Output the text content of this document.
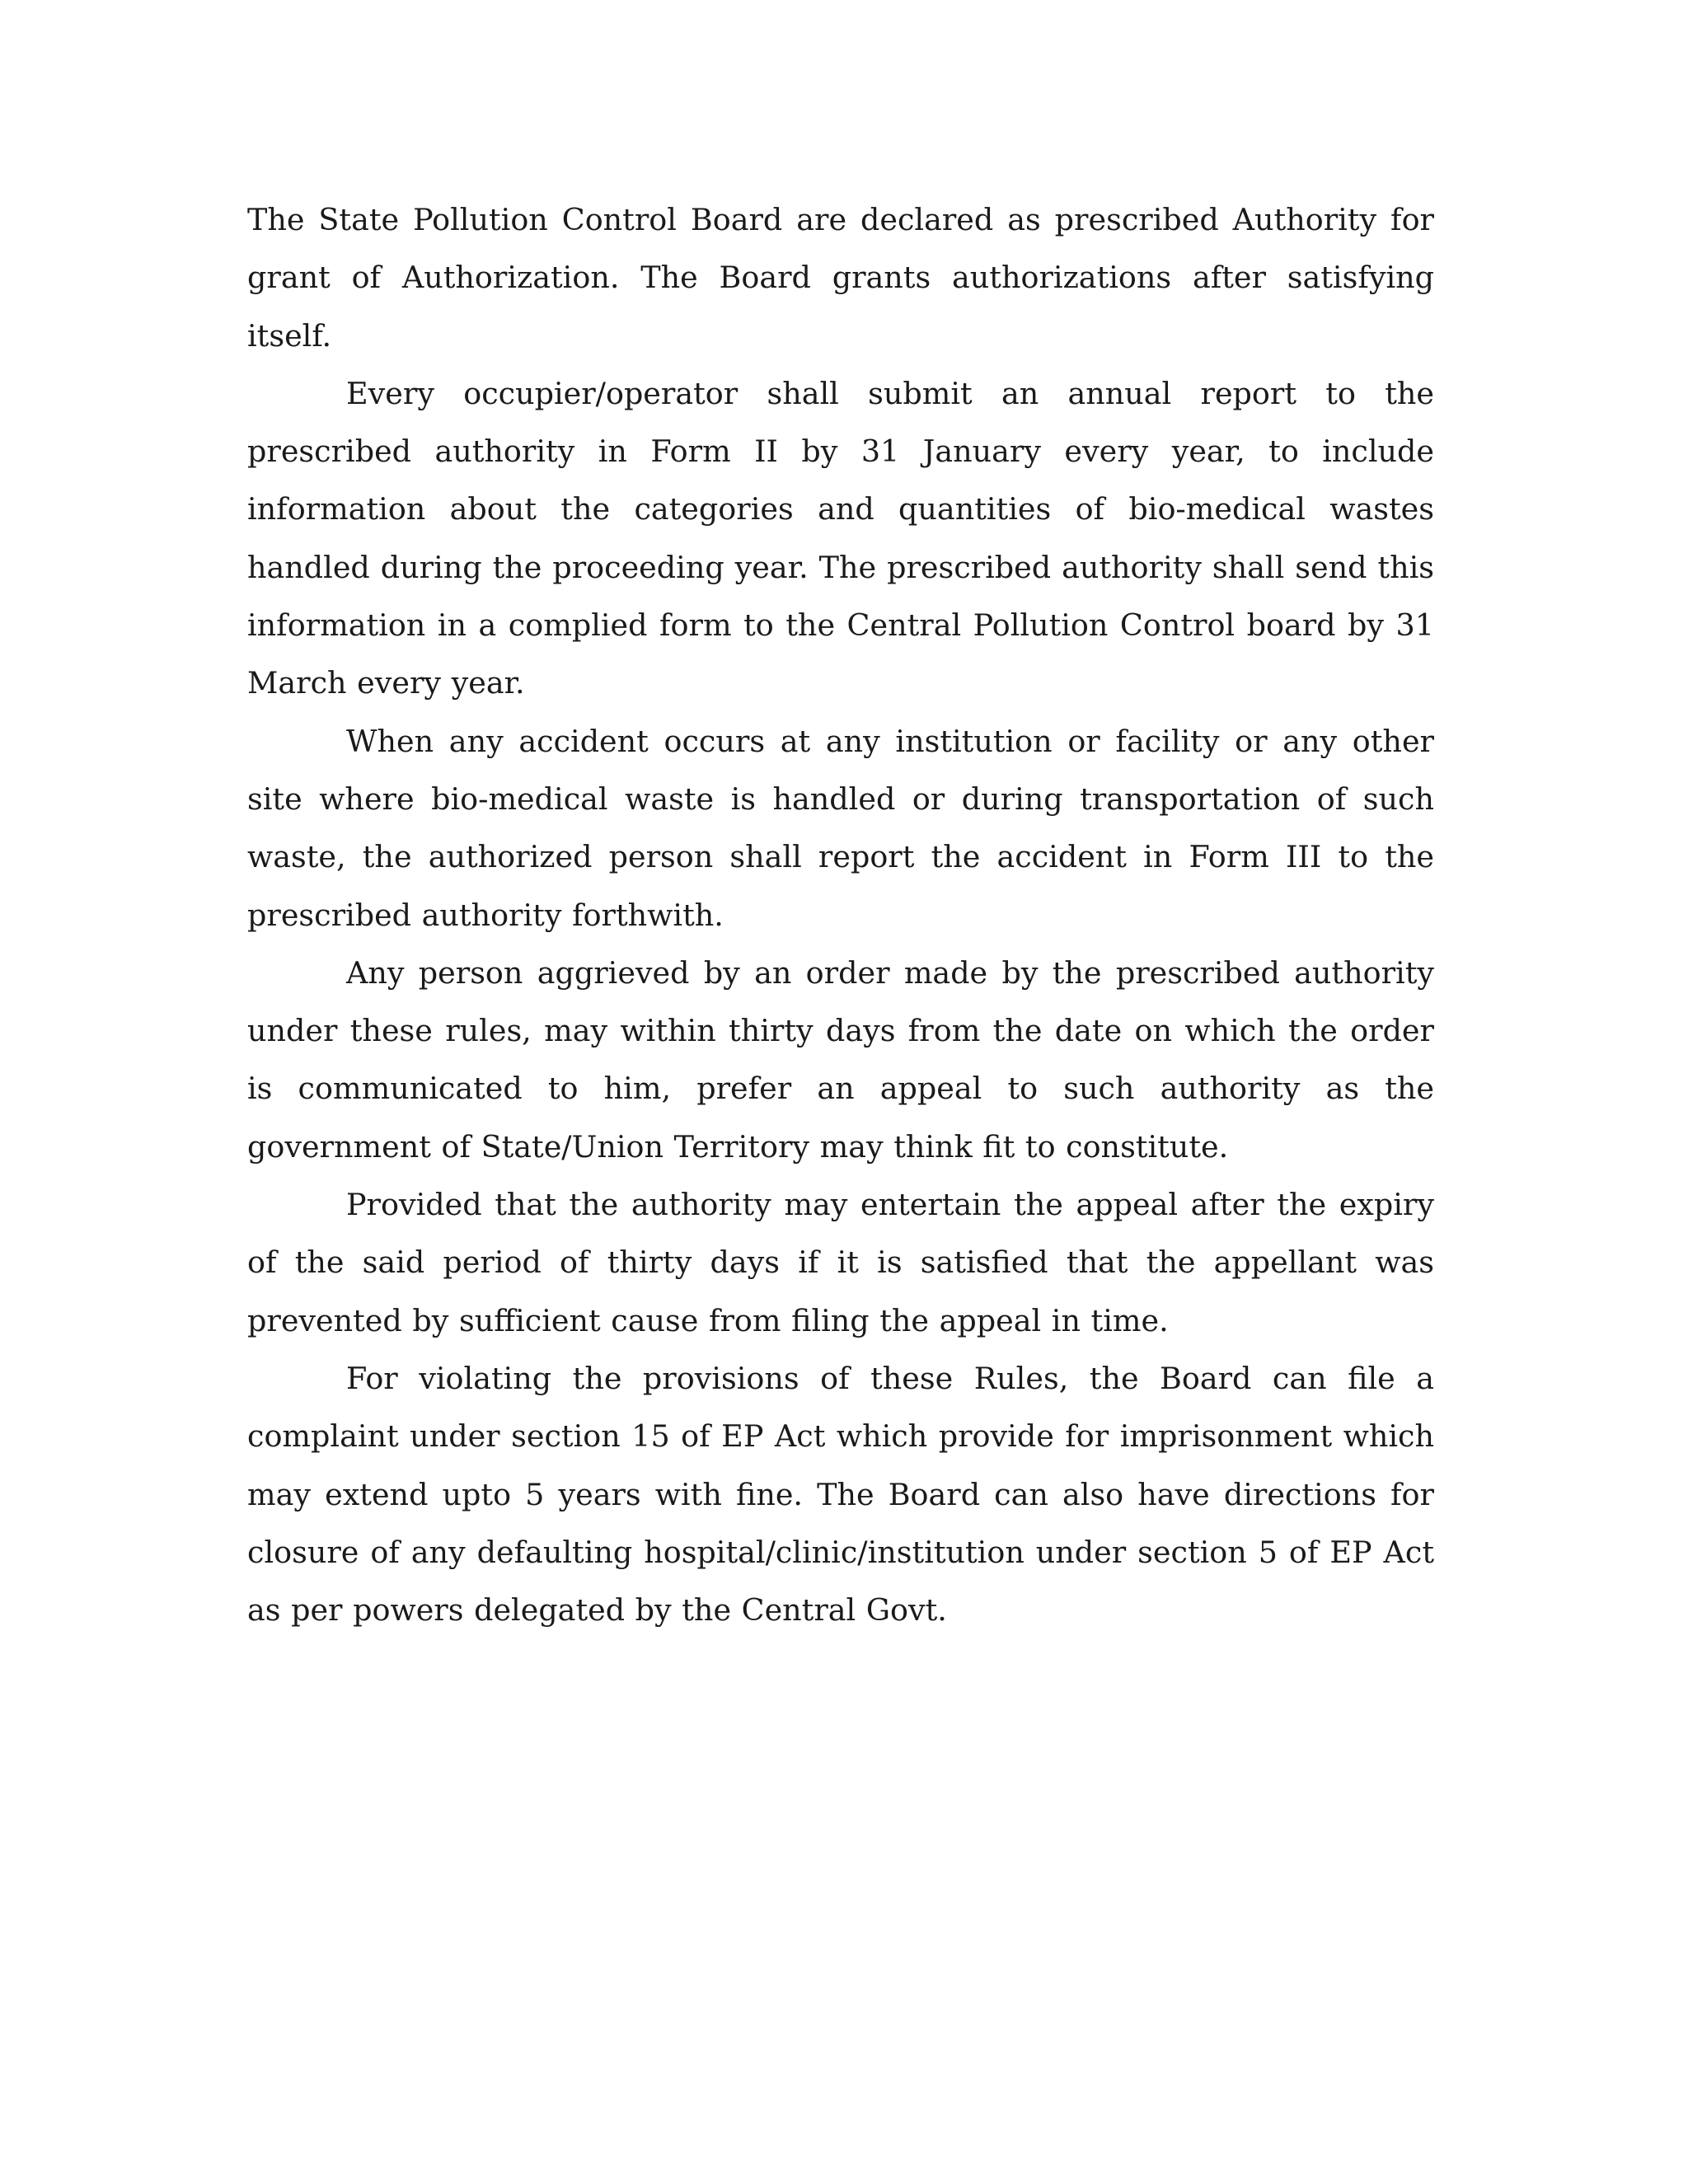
The State Pollution Control Board are declared as prescribed Authority for grant of Authorization. The Board grants authorizations after satisfying itself.

Every occupier/operator shall submit an annual report to the prescribed authority in Form II by 31 January every year, to include information about the categories and quantities of bio-medical wastes handled during the proceeding year. The prescribed authority shall send this information in a complied form to the Central Pollution Control board by 31 March every year.

When any accident occurs at any institution or facility or any other site where bio-medical waste is handled or during transportation of such waste, the authorized person shall report the accident in Form III to the prescribed authority forthwith.

Any person aggrieved by an order made by the prescribed authority under these rules, may within thirty days from the date on which the order is communicated to him, prefer an appeal to such authority as the government of State/Union Territory may think fit to constitute.

Provided that the authority may entertain the appeal after the expiry of the said period of thirty days if it is satisfied that the appellant was prevented by sufficient cause from filing the appeal in time.

For violating the provisions of these Rules, the Board can file a complaint under section 15 of EP Act which provide for imprisonment which may extend upto 5 years with fine. The Board can also have directions for closure of any defaulting hospital/clinic/institution under section 5 of EP Act as per powers delegated by the Central Govt.
